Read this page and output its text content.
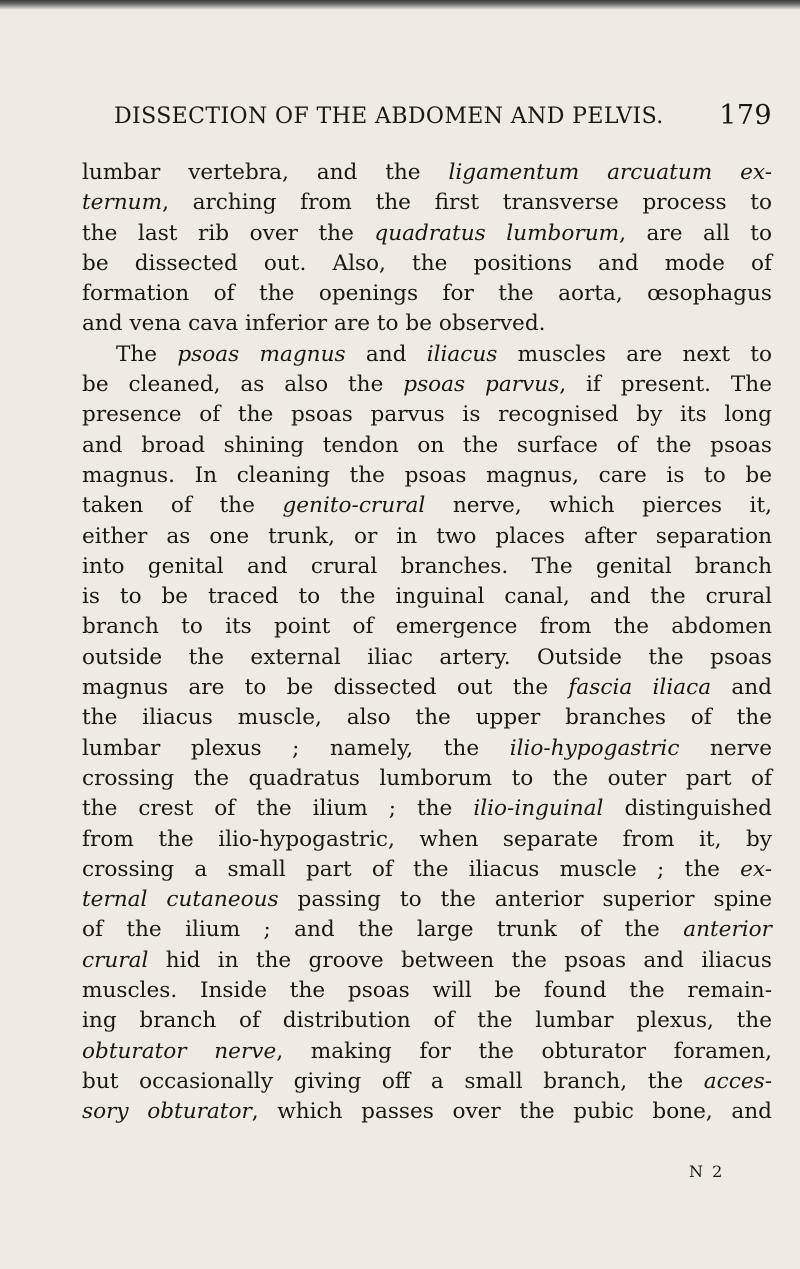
DISSECTION OF THE ABDOMEN AND PELVIS. 179
lumbar vertebra, and the ligamentum arcuatum ex-
ternum, arching from the first transverse process to
the last rib over the quadratus lumborum, are all to
be dissected out. Also, the positions and mode of
formation of the openings for the aorta, œsophagus
and vena cava inferior are to be observed.
The psoas magnus and iliacus muscles are next to
be cleaned, as also the psoas parvus, if present. The
presence of the psoas parvus is recognised by its long
and broad shining tendon on the surface of the psoas
magnus. In cleaning the psoas magnus, care is to be
taken of the genito-crural nerve, which pierces it,
either as one trunk, or in two places after separation
into genital and crural branches. The genital branch
is to be traced to the inguinal canal, and the crural
branch to its point of emergence from the abdomen
outside the external iliac artery. Outside the psoas
magnus are to be dissected out the fascia iliaca and
the iliacus muscle, also the upper branches of the
lumbar plexus ; namely, the ilio-hypogastric nerve
crossing the quadratus lumborum to the outer part of
the crest of the ilium ; the ilio-inguinal distinguished
from the ilio-hypogastric, when separate from it, by
crossing a small part of the iliacus muscle ; the ex-
ternal cutaneous passing to the anterior superior spine
of the ilium ; and the large trunk of the anterior
crural hid in the groove between the psoas and iliacus
muscles. Inside the psoas will be found the remain-
ing branch of distribution of the lumbar plexus, the
obturator nerve, making for the obturator foramen,
but occasionally giving off a small branch, the acces-
sory obturator, which passes over the pubic bone, and
N 2
